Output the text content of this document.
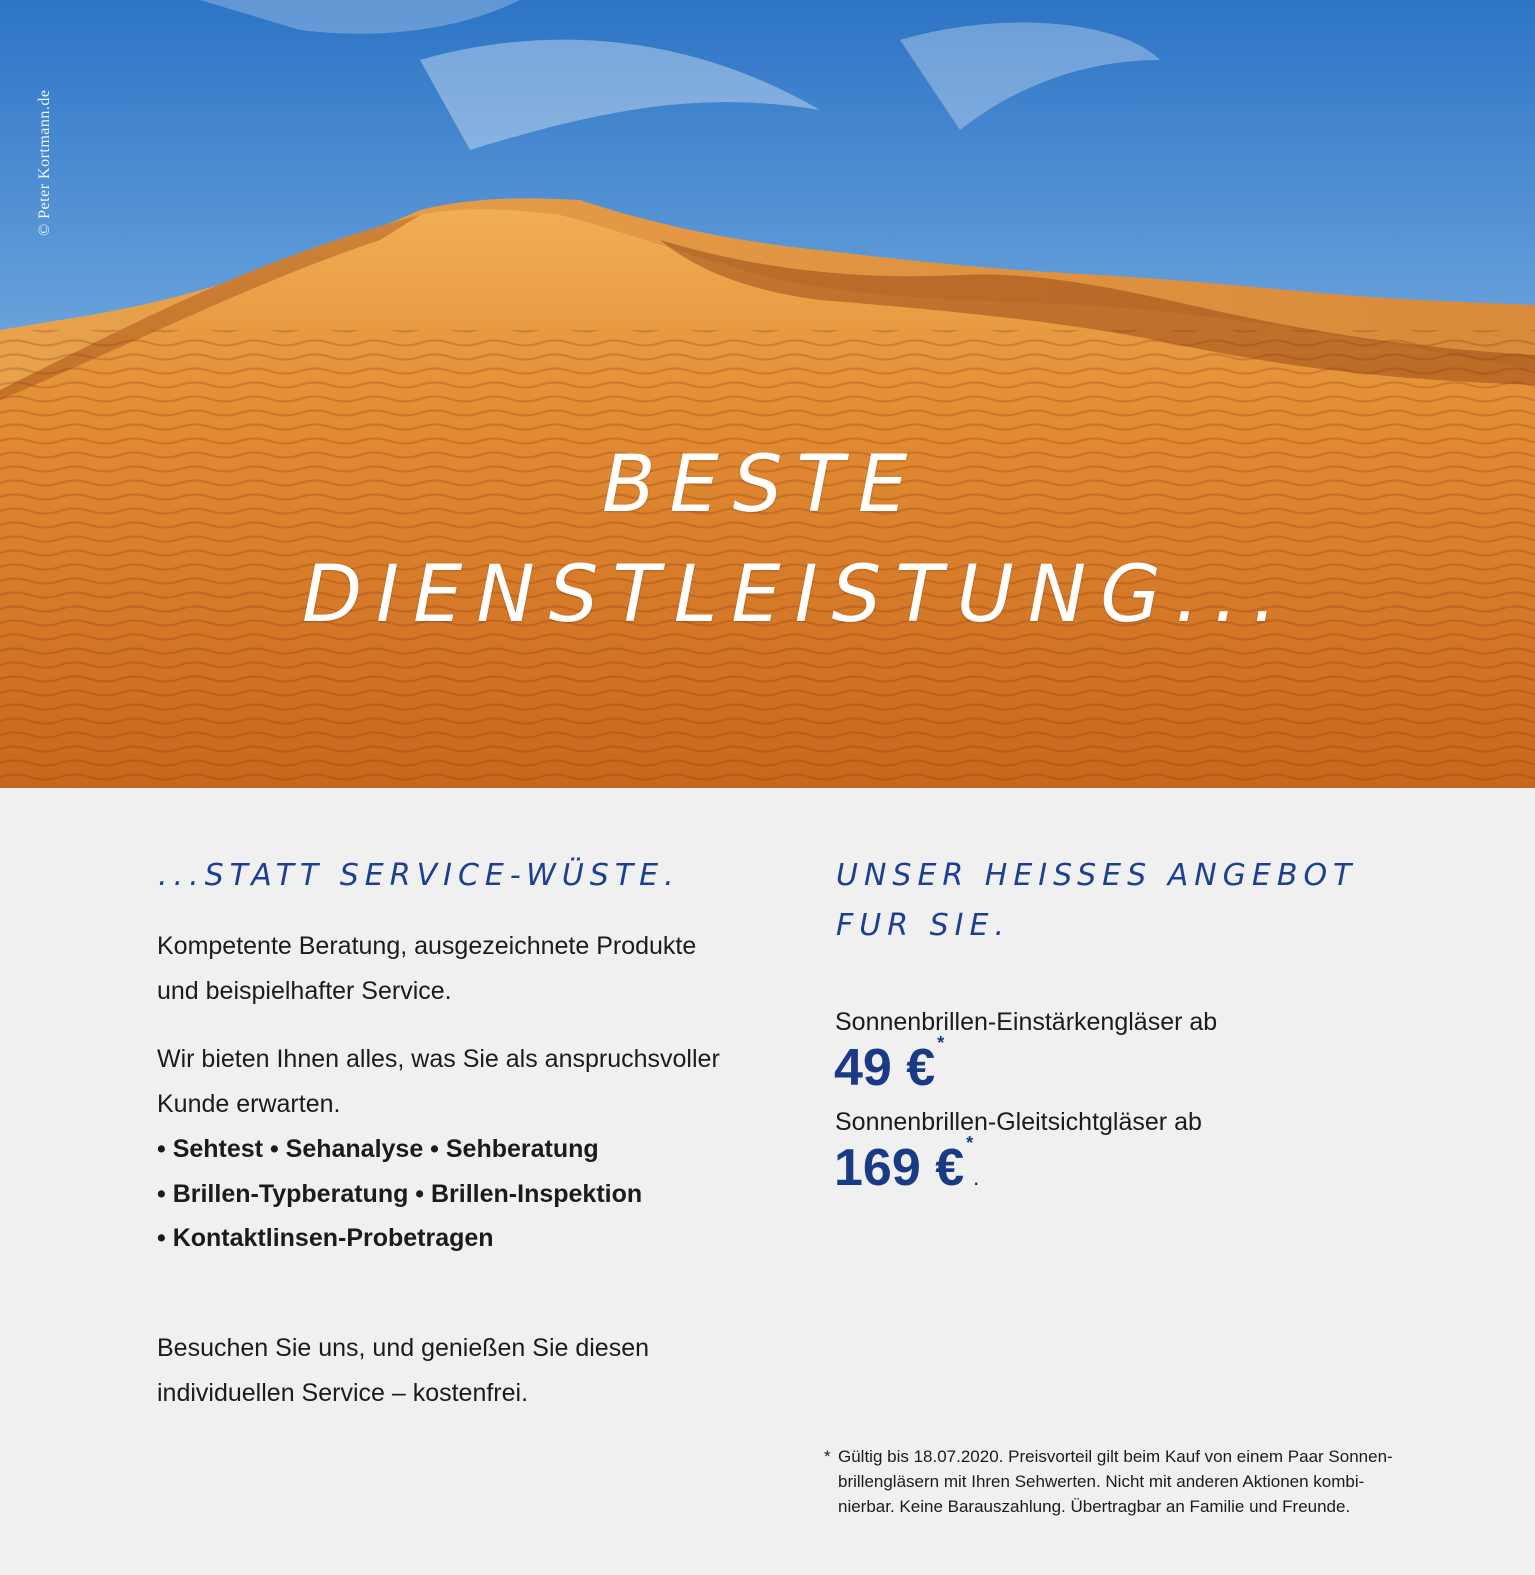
© Peter Kortmann.de
BESTE
DIENSTLEISTUNG...
...STATT SERVICE-WÜSTE.
Kompetente Beratung, ausgezeichnete Produkte
und beispielhafter Service.
Wir bieten Ihnen alles, was Sie als anspruchsvoller
Kunde erwarten.
• Sehtest • Sehanalyse • Sehberatung
• Brillen-Typberatung • Brillen-Inspektion
• Kontaktlinsen-Probetragen
Besuchen Sie uns, und genießen Sie diesen
individuellen Service – kostenfrei.
UNSER HEISSES ANGEBOT
FUR SIE.
Sonnenbrillen-Einstärkengläser ab
49 € *
Sonnenbrillen-Gleitsichtgläser ab
169 € *.
* Gültig bis 18.07.2020. Preisvorteil gilt beim Kauf von einem Paar Sonnen-
brillengläsern mit Ihren Sehwerten. Nicht mit anderen Aktionen kombi-
nierbar. Keine Barauszahlung. Übertragbar an Familie und Freunde.
